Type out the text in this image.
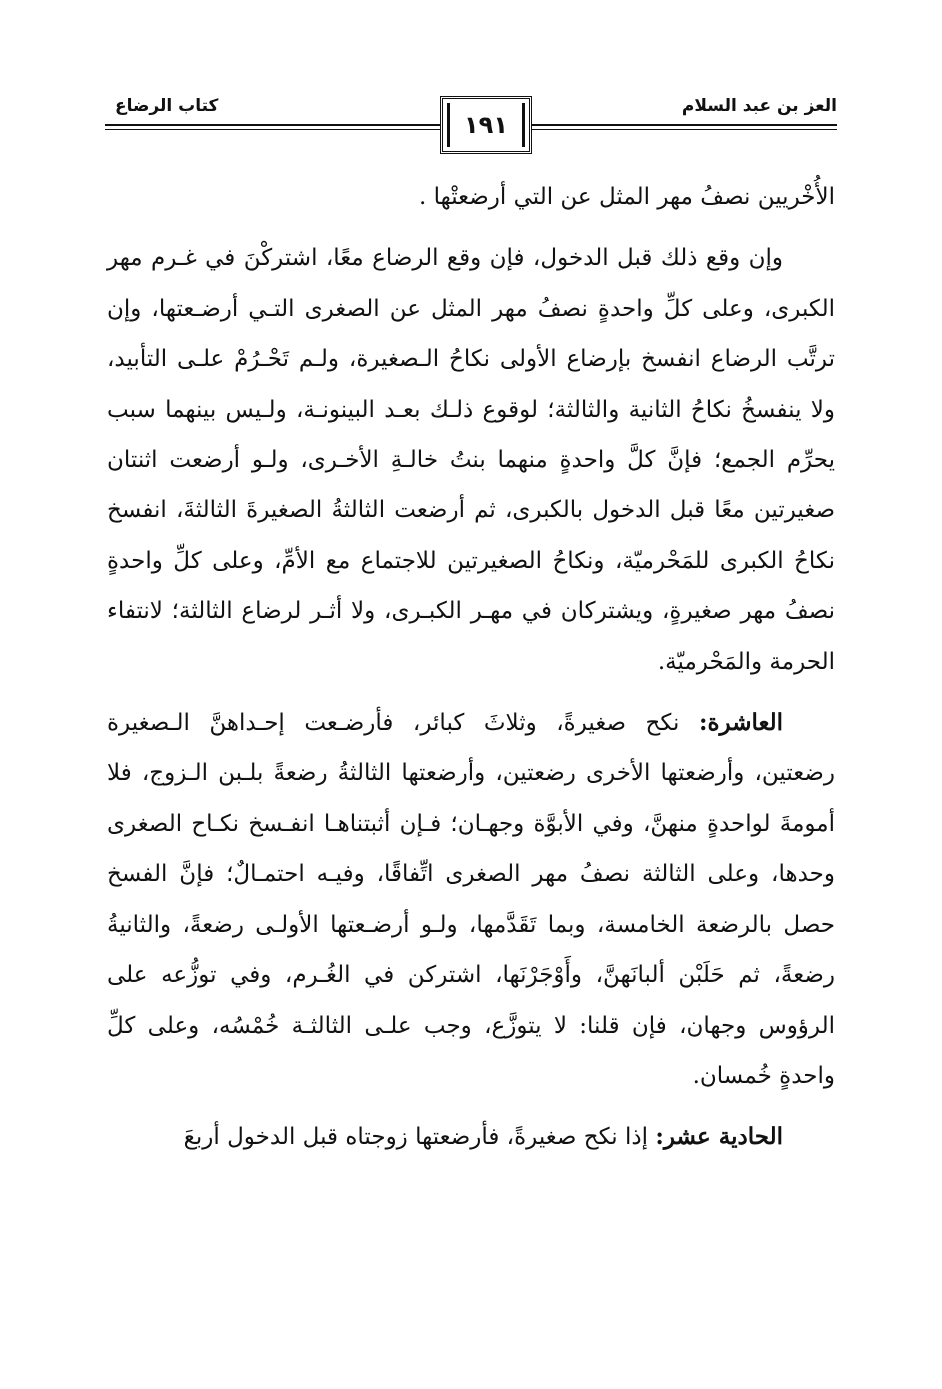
العز بن عبد السلام
كتاب الرضاع
١٩١

الأُخْريين نصفُ مهر المثل عن التي أرضعتْها .

وإن وقع ذلك قبل الدخول، فإن وقع الرضاع معًا، اشتركْنَ في غـرم مهر الكبرى، وعلى كلِّ واحدةٍ نصفُ مهر المثل عن الصغرى التـي أرضـعتها، وإن ترتَّب الرضاع انفسخ بإرضاع الأولى نكاحُ الـصغيرة، ولـم تَحْـرُمْ علـى التأبيد، ولا ينفسخُ نكاحُ الثانية والثالثة؛ لوقوع ذلـك بعـد البينونـة، ولـيس بينهما سبب يحرِّم الجمع؛ فإنَّ كلَّ واحدةٍ منهما بنتُ خالـةِ الأخـرى، ولـو أرضعت اثنتان صغيرتين معًا قبل الدخول بالكبرى، ثم أرضعت الثالثةُ الصغيرةَ الثالثةَ، انفسخ نكاحُ الكبرى للمَحْرميّة، ونكاحُ الصغيرتين للاجتماع مع الأمِّ، وعلى كلِّ واحدةٍ نصفُ مهر صغيرةٍ، ويشتركان في مهـر الكبـرى، ولا أثـر لرضاع الثالثة؛ لانتفاء الحرمة والمَحْرميّة.

العاشرة: نكح صغيرةً، وثلاثَ كبائر، فأرضـعت إحـداهنَّ الـصغيرة رضعتين، وأرضعتها الأخرى رضعتين، وأرضعتها الثالثةُ رضعةً بلـبن الـزوج، فلا أمومةَ لواحدةٍ منهنَّ، وفي الأبوَّة وجهـان؛ فـإن أثبتناهـا انفـسخ نكـاح الصغرى وحدها، وعلى الثالثة نصفُ مهر الصغرى اتِّفاقًا، وفيـه احتمـالٌ؛ فإنَّ الفسخ حصل بالرضعة الخامسة، وبما تَقَدَّمها، ولـو أرضـعتها الأولـى رضعةً، والثانيةُ رضعةً، ثم حَلَبْن ألبانَهنَّ، وأَوْجَرْنَها، اشتركن في الغُـرم، وفي توزُّعه على الرؤوس وجهان، فإن قلنا: لا يتوزَّع، وجب علـى الثالثـة خُمْسُه، وعلى كلِّ واحدةٍ خُمسان.

الحادية عشر: إذا نكح صغيرةً، فأرضعتها زوجتاه قبل الدخول أربعَ
